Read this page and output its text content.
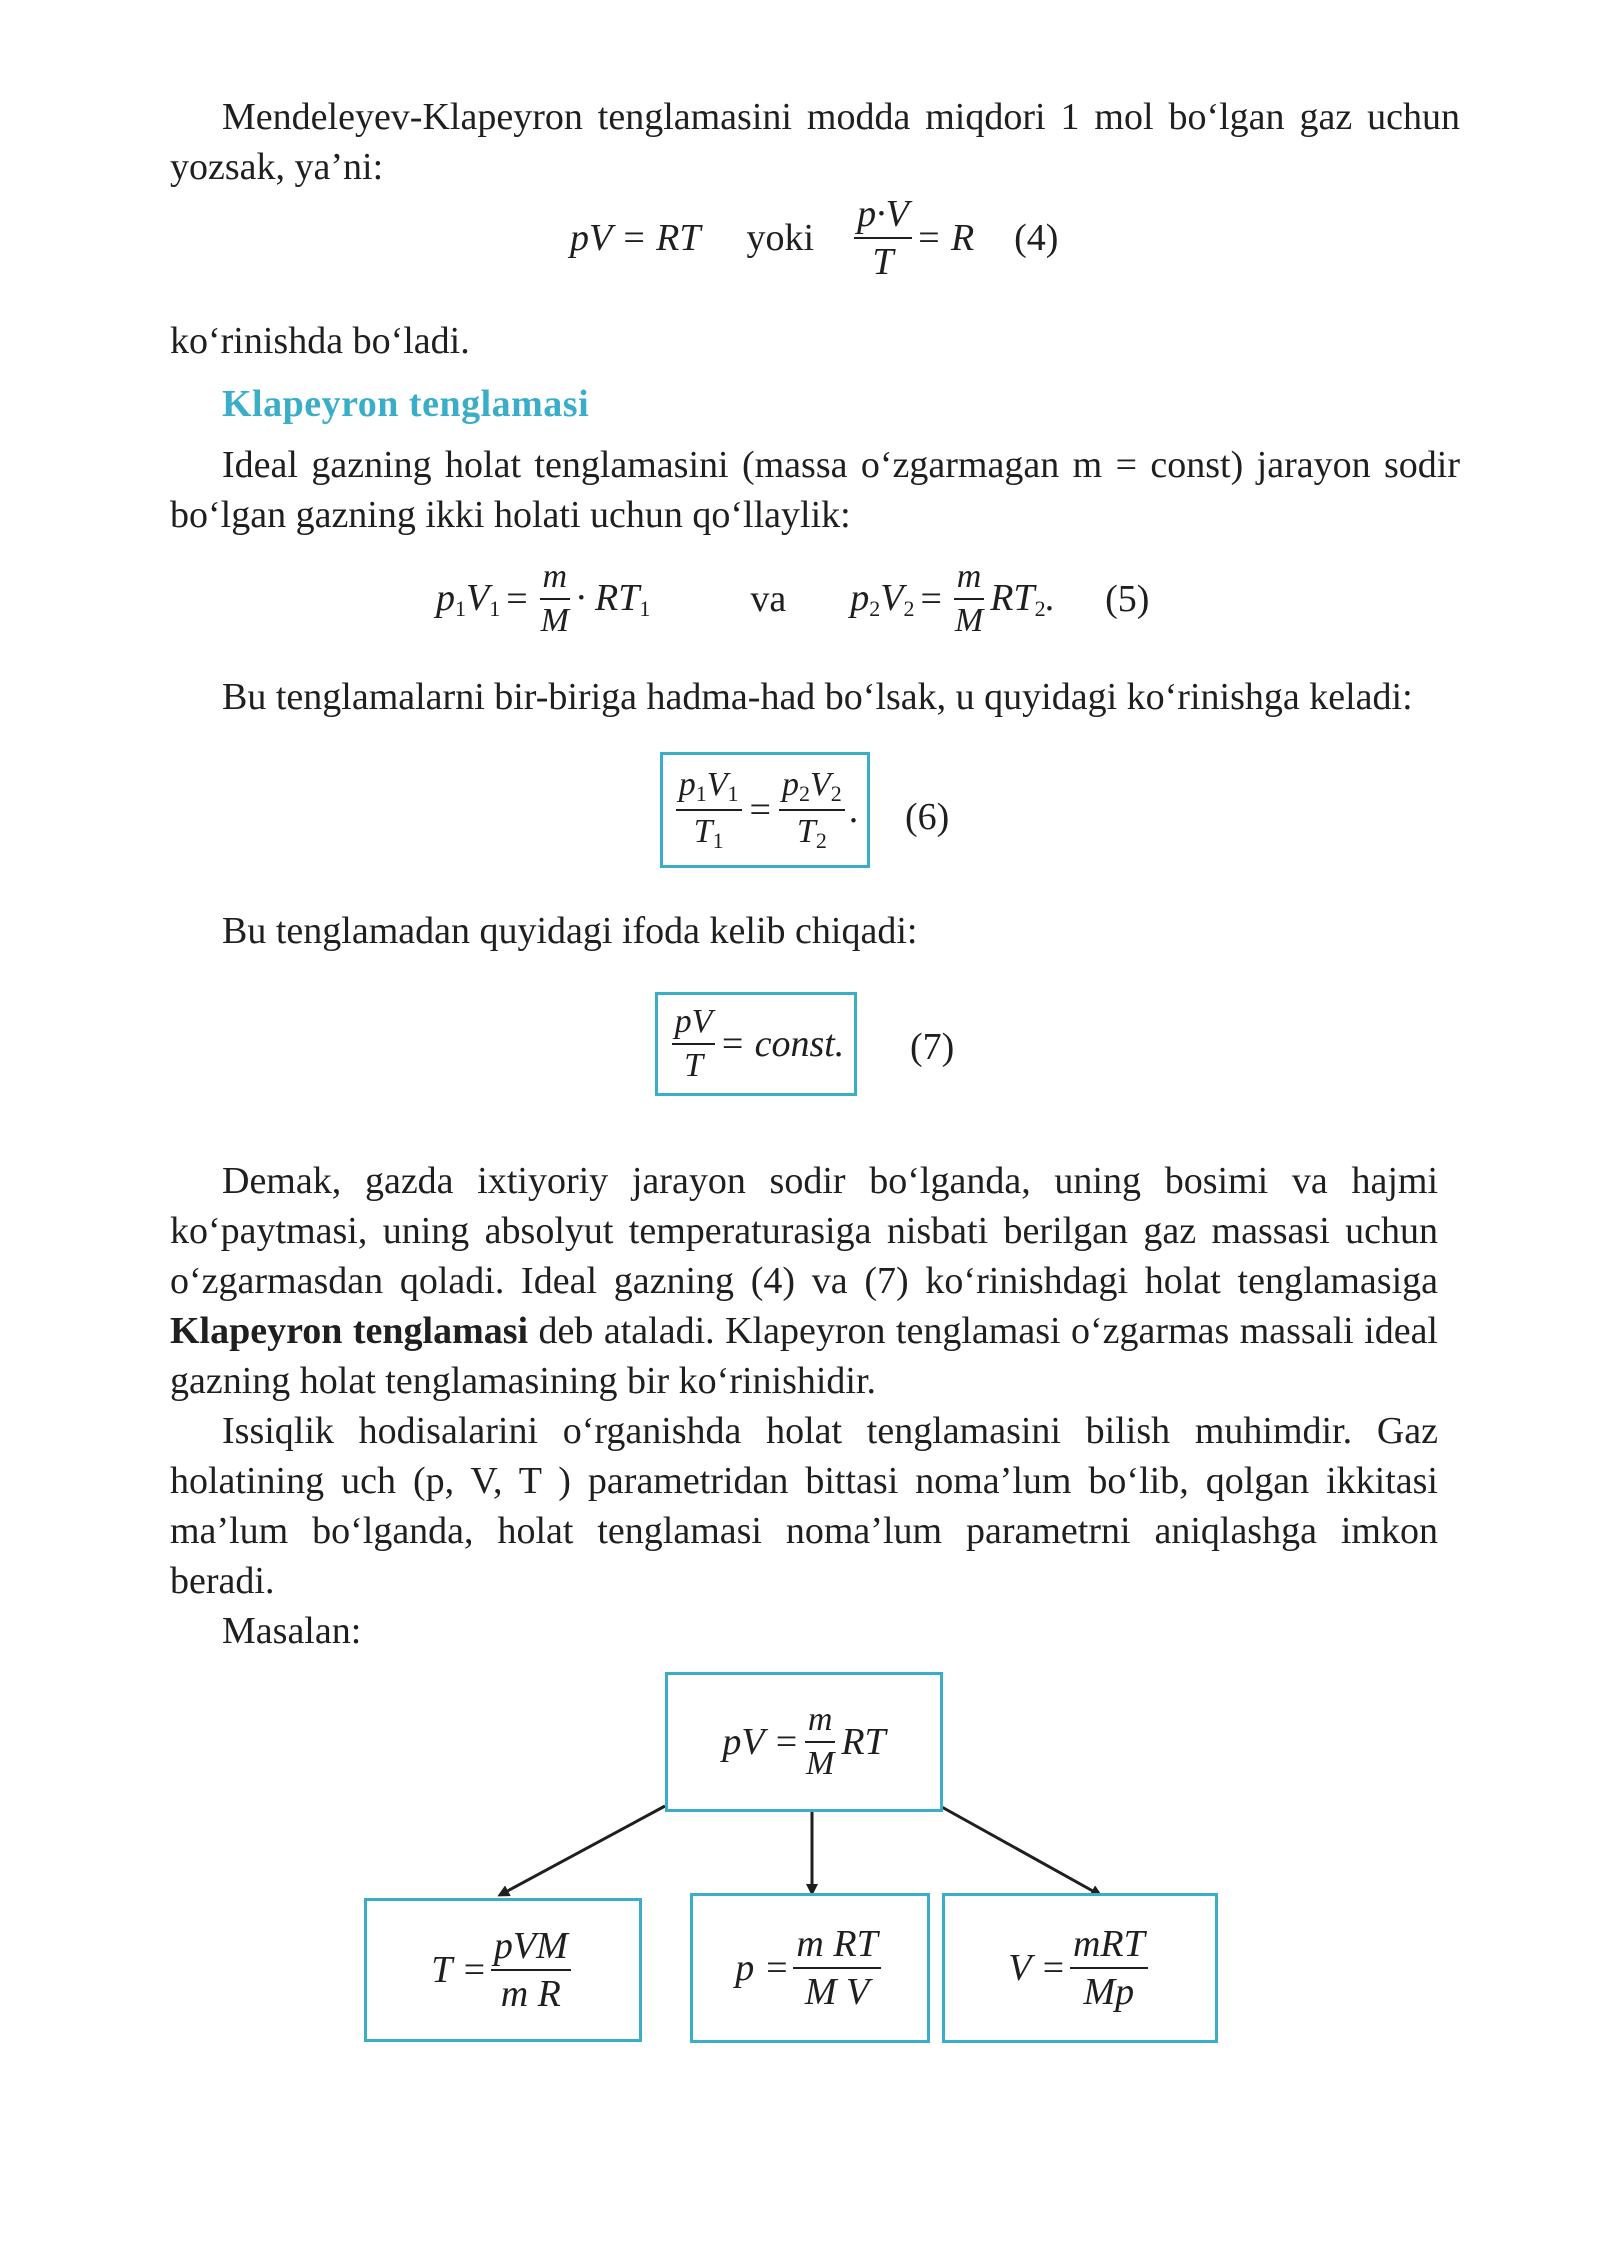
Mendeleyev-Klapeyron tenglamasini modda miqdori 1 mol bo‘lgan gaz uchun yozsak, ya’ni:

pV = RT yoki $\frac{p\cdot V}{T} = R$ (4)

ko‘rinishda bo‘ladi.

Klapeyron tenglamasi

Ideal gazning holat tenglamasini (massa o‘zgarmagan m = const) jarayon sodir bo‘lgan gazning ikki holati uchun qo‘llaylik:

$p_1V_1 = \frac{m}{M} \cdot RT_1$	va $p_2V_2 = \frac{m}{M} RT_2$. (5)

Bu tenglamalarni bir-biriga hadma-had bo‘lsak, u quyidagi ko‘rinishga keladi:

$\frac{p_1V_1}{T_1} = \frac{p_2V_2}{T_2}$ . (6)

Bu tenglamadan quyidagi ifoda kelib chiqadi:

$\frac{pV}{T}$ = const. (7)

Demak, gazda ixtiyoriy jarayon sodir bo‘lganda, uning bosimi va hajmi ko‘paytmasi, uning absolyut temperaturasiga nisbati berilgan gaz massasi uchun o‘zgarmasdan qoladi. Ideal gazning (4) va (7) ko‘rinishdagi holat tenglamasiga Klapeyron tenglamasi deb ataladi. Klapeyron tenglamasi o‘zgarmas massali ideal gazning holat tenglamasining bir ko‘rinishidir.

Issiqlik hodisalarini o‘rganishda holat tenglamasini bilish muhimdir. Gaz holatining uch (p, V, T ) parametridan bittasi noma’lum bo‘lib, qolgan ikkitasi ma’lum bo‘lganda, holat tenglamasi noma’lum parametrni aniqlashga imkon beradi.

Masalan:

pV = $\frac{m}{M}$ RT
$T = \frac{\text{pVM}}{\text{m R}}$	$p = \frac{\text{m RT}}{\text{M V}}$	$V = \frac{\text{mRT}}{Mp}$
